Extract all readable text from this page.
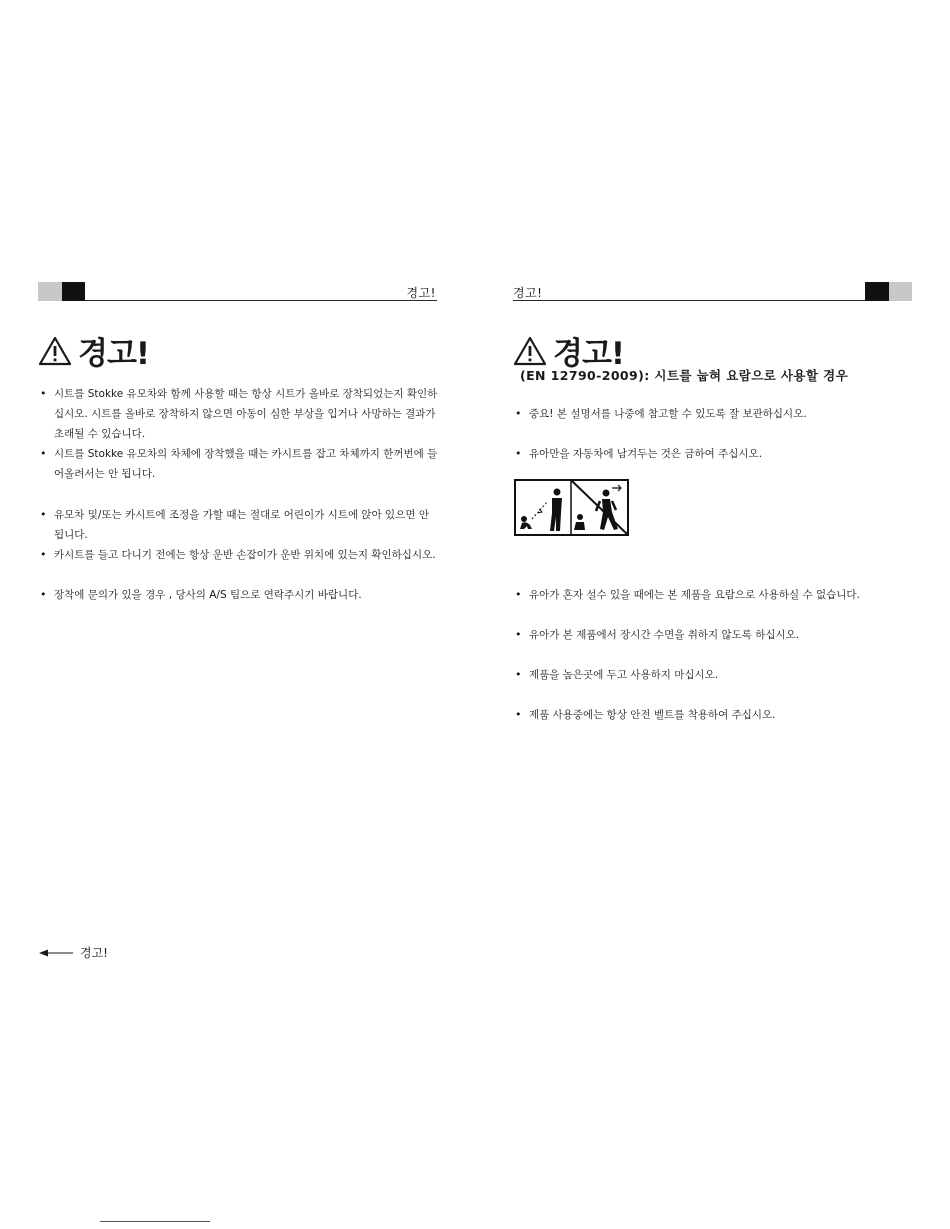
경고!
경고!
• 시트를 Stokke 유모차와 함께 사용할 때는 항상 시트가 올바로 장착되었는지 확인하십시오. 시트를 올바로 장착하지 않으면 아동이 심한 부상을 입거나 사망하는 결과가 초래될 수 있습니다.
• 시트를 Stokke 유모차의 차체에 장착했을 때는 카시트를 잡고 차체까지 한꺼번에 들어올려서는 안 됩니다.
• 유모차 및/또는 카시트에 조정을 가할 때는 절대로 어린이가 시트에 앉아 있으면 안 됩니다.
• 카시트를 들고 다니기 전에는 항상 운반 손잡이가 운반 위치에 있는지 확인하십시오.
• 장착에 문의가 있을 경우 , 당사의 A/S 팀으로 연락주시기 바랍니다.
경고!
경고!
경고!
(EN 12790-2009): 시트를 눕혀 요람으로 사용할 경우
• 중요! 본 설명서를 나중에 참고할 수 있도록 잘 보관하십시오.
• 유아만을 자동차에 남겨두는 것은 금하여 주십시오.
• 유아가 혼자 설수 있을 때에는 본 제품을 요람으로 사용하실 수 없습니다.
• 유아가 본 제품에서 장시간 수면을 취하지 않도록 하십시오.
• 제품을 높은곳에 두고 사용하지 마십시오.
• 제품 사용중에는 항상 안전 벨트를 착용하여 주십시오.
